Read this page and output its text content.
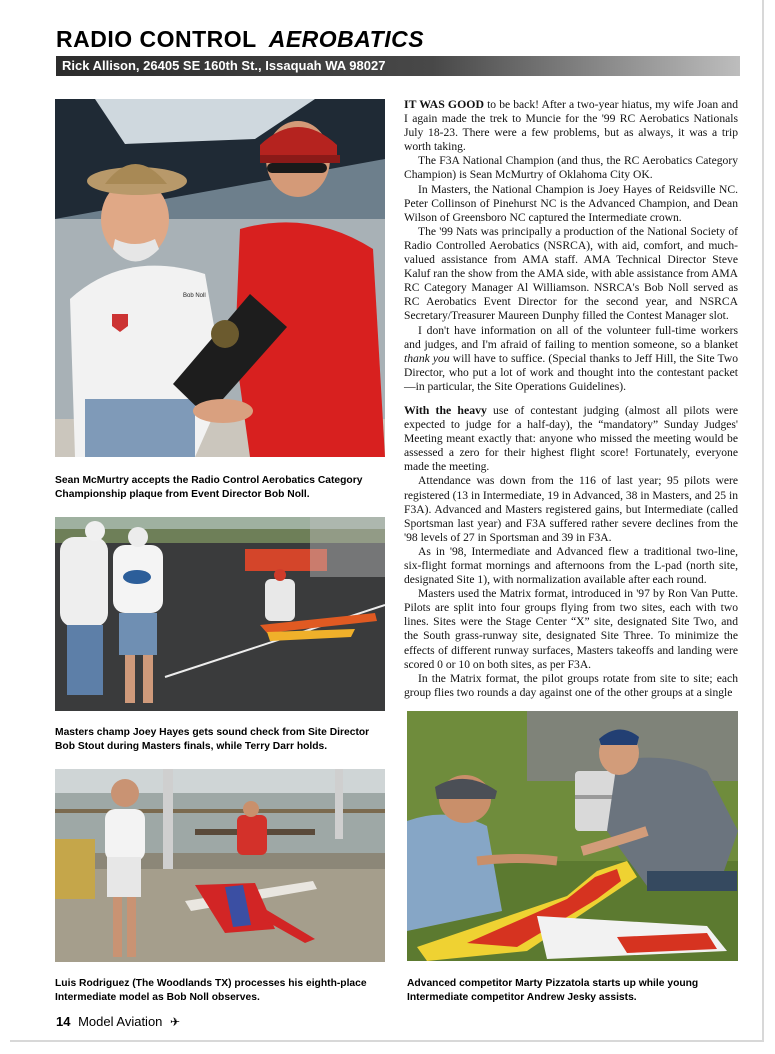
RADIO CONTROL AEROBATICS
Rick Allison, 26405 SE 160th St., Issaquah WA 98027
Bob Noll
Sean McMurtry accepts the Radio Control Aerobatics Category Championship plaque from Event Director Bob Noll.
Masters champ Joey Hayes gets sound check from Site Director Bob Stout during Masters finals, while Terry Darr holds.
Luis Rodriguez (The Woodlands TX) processes his eighth-place Intermediate model as Bob Noll observes.
Advanced competitor Marty Pizzatola starts up while young Intermediate competitor Andrew Jesky assists.

IT WAS GOOD to be back! After a two-year hiatus, my wife Joan and I again made the trek to Muncie for the '99 RC Aerobatics Nationals July 18-23. There were a few problems, but as always, it was a trip worth taking.

The F3A National Champion (and thus, the RC Aerobatics Category Champion) is Sean McMurtry of Oklahoma City OK.

In Masters, the National Champion is Joey Hayes of Reidsville NC. Peter Collinson of Pinehurst NC is the Advanced Champion, and Dean Wilson of Greensboro NC captured the Intermediate crown.

The '99 Nats was principally a production of the National Society of Radio Controlled Aerobatics (NSRCA), with aid, comfort, and much-valued assistance from AMA staff. AMA Technical Director Steve Kaluf ran the show from the AMA side, with able assistance from AMA RC Category Manager Al Williamson. NSRCA's Bob Noll served as RC Aerobatics Event Director for the second year, and NSRCA Secretary/Treasurer Maureen Dunphy filled the Contest Manager slot.

I don't have information on all of the volunteer full-time workers and judges, and I'm afraid of failing to mention someone, so a blanket thank you will have to suffice. (Special thanks to Jeff Hill, the Site Two Director, who put a lot of work and thought into the contestant packet—in particular, the Site Operations Guidelines).

With the heavy use of contestant judging (almost all pilots were expected to judge for a half-day), the “mandatory” Sunday Judges' Meeting meant exactly that: anyone who missed the meeting would be assessed a zero for their highest flight score! Fortunately, everyone made the meeting.

Attendance was down from the 116 of last year; 95 pilots were registered (13 in Intermediate, 19 in Advanced, 38 in Masters, and 25 in F3A). Advanced and Masters registered gains, but Intermediate (called Sportsman last year) and F3A suffered rather severe declines from the '98 levels of 27 in Sportsman and 39 in F3A.

As in '98, Intermediate and Advanced flew a traditional two-line, six-flight format mornings and afternoons from the L-pad (north site, designated Site 1), with normalization available after each round.

Masters used the Matrix format, introduced in '97 by Ron Van Putte. Pilots are split into four groups flying from two sites, each with two lines. Sites were the Stage Center “X” site, designated Site Two, and the South grass-runway site, designated Site Three. To minimize the effects of different runway surfaces, Masters takeoffs and landing were scored 0 or 10 on both sites, as per F3A.

In the Matrix format, the pilot groups rotate from site to site; each group flies two rounds a day against one of the other groups at a single

14 Model Aviation ✈
